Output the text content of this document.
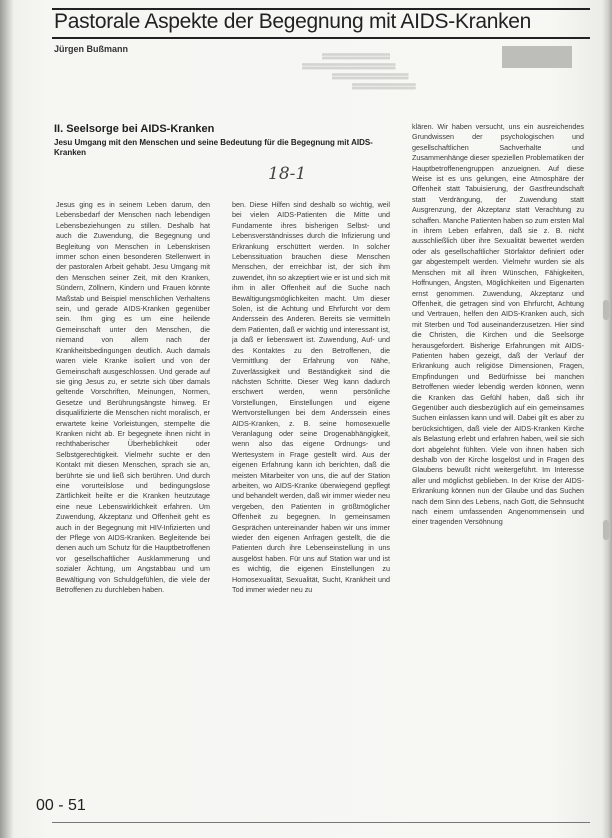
Pastorale Aspekte der Begegnung mit AIDS-Kranken
Jürgen Bußmann
▒▒▒▒▒▒▒▒▒▒▒▒▒▒▒▒
▒▒▒▒▒▒▒▒▒▒▒▒▒▒▒▒▒▒▒▒▒▒
▒▒▒▒▒▒▒▒▒▒▒▒▒▒▒▒▒▒
▒▒▒▒▒▒▒▒▒▒▒▒▒▒▒
II. Seelsorge bei AIDS-Kranken
Jesu Umgang mit den Menschen und seine Bedeutung für die Begegnung mit AIDS-Kranken
18-1

Jesus ging es in seinem Leben darum, den Lebensbedarf der Menschen nach lebendigen Lebensbeziehungen zu stillen. Deshalb hat auch die Zuwendung, die Begegnung und Begleitung von Menschen in Lebenskrisen immer schon einen besonderen Stellenwert in der pastoralen Arbeit gehabt. Jesu Umgang mit den Menschen seiner Zeit, mit den Kranken, Sündern, Zöllnern, Kindern und Frauen könnte Maßstab und Beispiel menschlichen Verhaltens sein, und gerade AIDS-Kranken gegenüber sein. Ihm ging es um eine heilende Gemeinschaft unter den Menschen, die niemand von allem nach der Krankheitsbedingungen deutlich. Auch damals waren viele Kranke isoliert und von der Gemeinschaft ausgeschlossen. Und gerade auf sie ging Jesus zu, er setzte sich über damals geltende Vorschriften, Meinungen, Normen, Gesetze und Berührungsängste hinweg. Er disqualifizierte die Menschen nicht moralisch, er erwartete keine Vorleistungen, stempelte die Kranken nicht ab. Er begegnete ihnen nicht in rechthaberischer Überheblichkeit oder Selbstgerechtigkeit. Vielmehr suchte er den Kontakt mit diesen Menschen, sprach sie an, berührte sie und ließ sich berühren. Und durch eine vorurteilslose und bedingungslose Zärtlichkeit heilte er die Kranken heutzutage eine neue Lebenswirklichkeit erfahren. Um Zuwendung, Akzeptanz und Offenheit geht es auch in der Begegnung mit HIV-Infizierten und der Pflege von AIDS-Kranken. Begleitende bei denen auch um Schutz für die Hauptbetroffenen vor gesellschaftlicher Ausklammerung und sozialer Ächtung, um Angstabbau und um Bewältigung von Schuldgefühlen, die viele der Betroffenen zu durchleben haben.

ben. Diese Hilfen sind deshalb so wichtig, weil bei vielen AIDS-Patienten die Mitte und Fundamente ihres bisherigen Selbst- und Lebensverständnisses durch die Infizierung und Erkrankung erschüttert werden. In solcher Lebenssituation brauchen diese Menschen Menschen, der erreichbar ist, der sich ihm zuwendet, ihn so akzeptiert wie er ist und sich mit ihm in aller Offenheit auf die Suche nach Bewältigungsmöglichkeiten macht. Um dieser Solen, ist die Achtung und Ehrfurcht vor dem Anderssein des Anderen. Bereits sie vermitteln dem Patienten, daß er wichtig und interessant ist, ja daß er liebenswert ist. Zuwendung, Auf- und des Kontaktes zu den Betroffenen, die Vermittlung der Erfahrung von Nähe, Zuverlässigkeit und Beständigkeit sind die nächsten Schritte. Dieser Weg kann dadurch erschwert werden, wenn persönliche Vorstellungen, Einstellungen und eigene Wertvorstellungen bei dem Anderssein eines AIDS-Kranken, z. B. seine homosexuelle Veranlagung oder seine Drogenabhängigkeit, wenn also das eigene Ordnungs- und Wertesystem in Frage gestellt wird. Aus der eigenen Erfahrung kann ich berichten, daß die meisten Mitarbeiter von uns, die auf der Station arbeiten, wo AIDS-Kranke überwiegend gepflegt und behandelt werden, daß wir immer wieder neu vergeben, den Patienten in größtmöglicher Offenheit zu begegnen. In gemeinsamen Gesprächen untereinander haben wir uns immer wieder den eigenen Anfragen gestellt, die die Patienten durch ihre Lebenseinstellung in uns ausgelöst haben. Für uns auf Station war und ist es wichtig, die eigenen Einstellungen zu Homosexualität, Sexualität, Sucht, Krankheit und Tod immer wieder neu zu

klären. Wir haben versucht, uns ein ausreichendes Grundwissen der psychologischen und gesellschaftlichen Sachverhalte und Zusammenhänge dieser speziellen Problematiken der Hauptbetroffenengruppen anzueignen. Auf diese Weise ist es uns gelungen, eine Atmosphäre der Offenheit statt Tabuisierung, der Gastfreundschaft statt Verdrängung, der Zuwendung statt Ausgrenzung, der Akzeptanz statt Verachtung zu schaffen. Manche Patienten haben so zum ersten Mal in ihrem Leben erfahren, daß sie z. B. nicht ausschließlich über ihre Sexualität bewertet werden oder als gesellschaftlicher Störfaktor definiert oder gar abgestempelt werden. Vielmehr wurden sie als Menschen mit all ihren Wünschen, Fähigkeiten, Hoffnungen, Ängsten, Möglichkeiten und Eigenarten ernst genommen. Zuwendung, Akzeptanz und Offenheit, die getragen sind von Ehrfurcht, Achtung und Vertrauen, helfen den AIDS-Kranken auch, sich mit Sterben und Tod auseinanderzusetzen. Hier sind die Christen, die Kirchen und die Seelsorge herausgefordert. Bisherige Erfahrungen mit AIDS-Patienten haben gezeigt, daß der Verlauf der Erkrankung auch religiöse Dimensionen, Fragen, Empfindungen und Bedürfnisse bei manchen Betroffenen wieder lebendig werden können, wenn die Kranken das Gefühl haben, daß sich ihr Gegenüber auch diesbezüglich auf ein gemeinsames Suchen einlassen kann und will. Dabei gilt es aber zu berücksichtigen, daß viele der AIDS-Kranken Kirche als Belastung erlebt und erfahren haben, weil sie sich dort abgelehnt fühlten. Viele von ihnen haben sich deshalb von der Kirche losgelöst und in Fragen des Glaubens bewußt nicht weitergeführt. Im Interesse aller und möglichst geblieben. In der Krise der AIDS-Erkrankung können nun der Glaube und das Suchen nach dem Sinn des Lebens, nach Gott, die Sehnsucht nach einem umfassenden Angenommensein und einer tragenden Versöhnung

00 - 51
